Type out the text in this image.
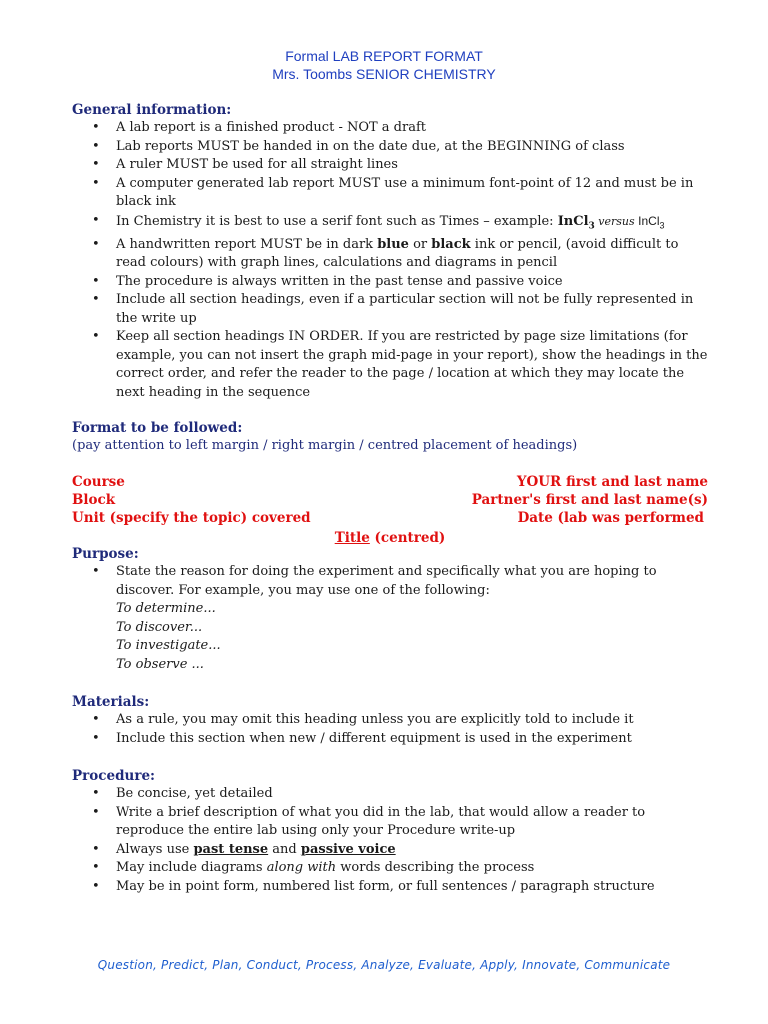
Formal LAB REPORT FORMAT
Mrs. Toombs SENIOR CHEMISTRY
General information:
• A lab report is a finished product - NOT a draft
• Lab reports MUST be handed in on the date due, at the BEGINNING of class
• A ruler MUST be used for all straight lines
• A computer generated lab report MUST use a minimum font-point of 12 and must be in black ink
• In Chemistry it is best to use a serif font such as Times – example: InCl$_3$ versus InCl$_3$
• A handwritten report MUST be in dark blue or black ink or pencil, (avoid difficult to read colours) with graph lines, calculations and diagrams in pencil
• The procedure is always written in the past tense and passive voice
• Include all section headings, even if a particular section will not be fully represented in the write up
• Keep all section headings IN ORDER. If you are restricted by page size limitations (for example, you can not insert the graph mid-page in your report), show the headings in the correct order, and refer the reader to the page / location at which they may locate the next heading in the sequence
Format to be followed:
(pay attention to left margin / right margin / centred placement of headings)
Course	YOUR first and last name
Block	Partner's first and last name(s)
Unit (specify the topic) covered	Date (lab was performed
Title (centred)
Purpose:
• State the reason for doing the experiment and specifically what you are hoping to discover. For example, you may use one of the following:
To determine...
To discover...
To investigate...
To observe ...
Materials:
• As a rule, you may omit this heading unless you are explicitly told to include it
• Include this section when new / different equipment is used in the experiment
Procedure:
• Be concise, yet detailed
• Write a brief description of what you did in the lab, that would allow a reader to reproduce the entire lab using only your Procedure write-up
• Always use past tense and passive voice
• May include diagrams along with words describing the process
• May be in point form, numbered list form, or full sentences / paragraph structure
Question, Predict, Plan, Conduct, Process, Analyze, Evaluate, Apply, Innovate, Communicate
